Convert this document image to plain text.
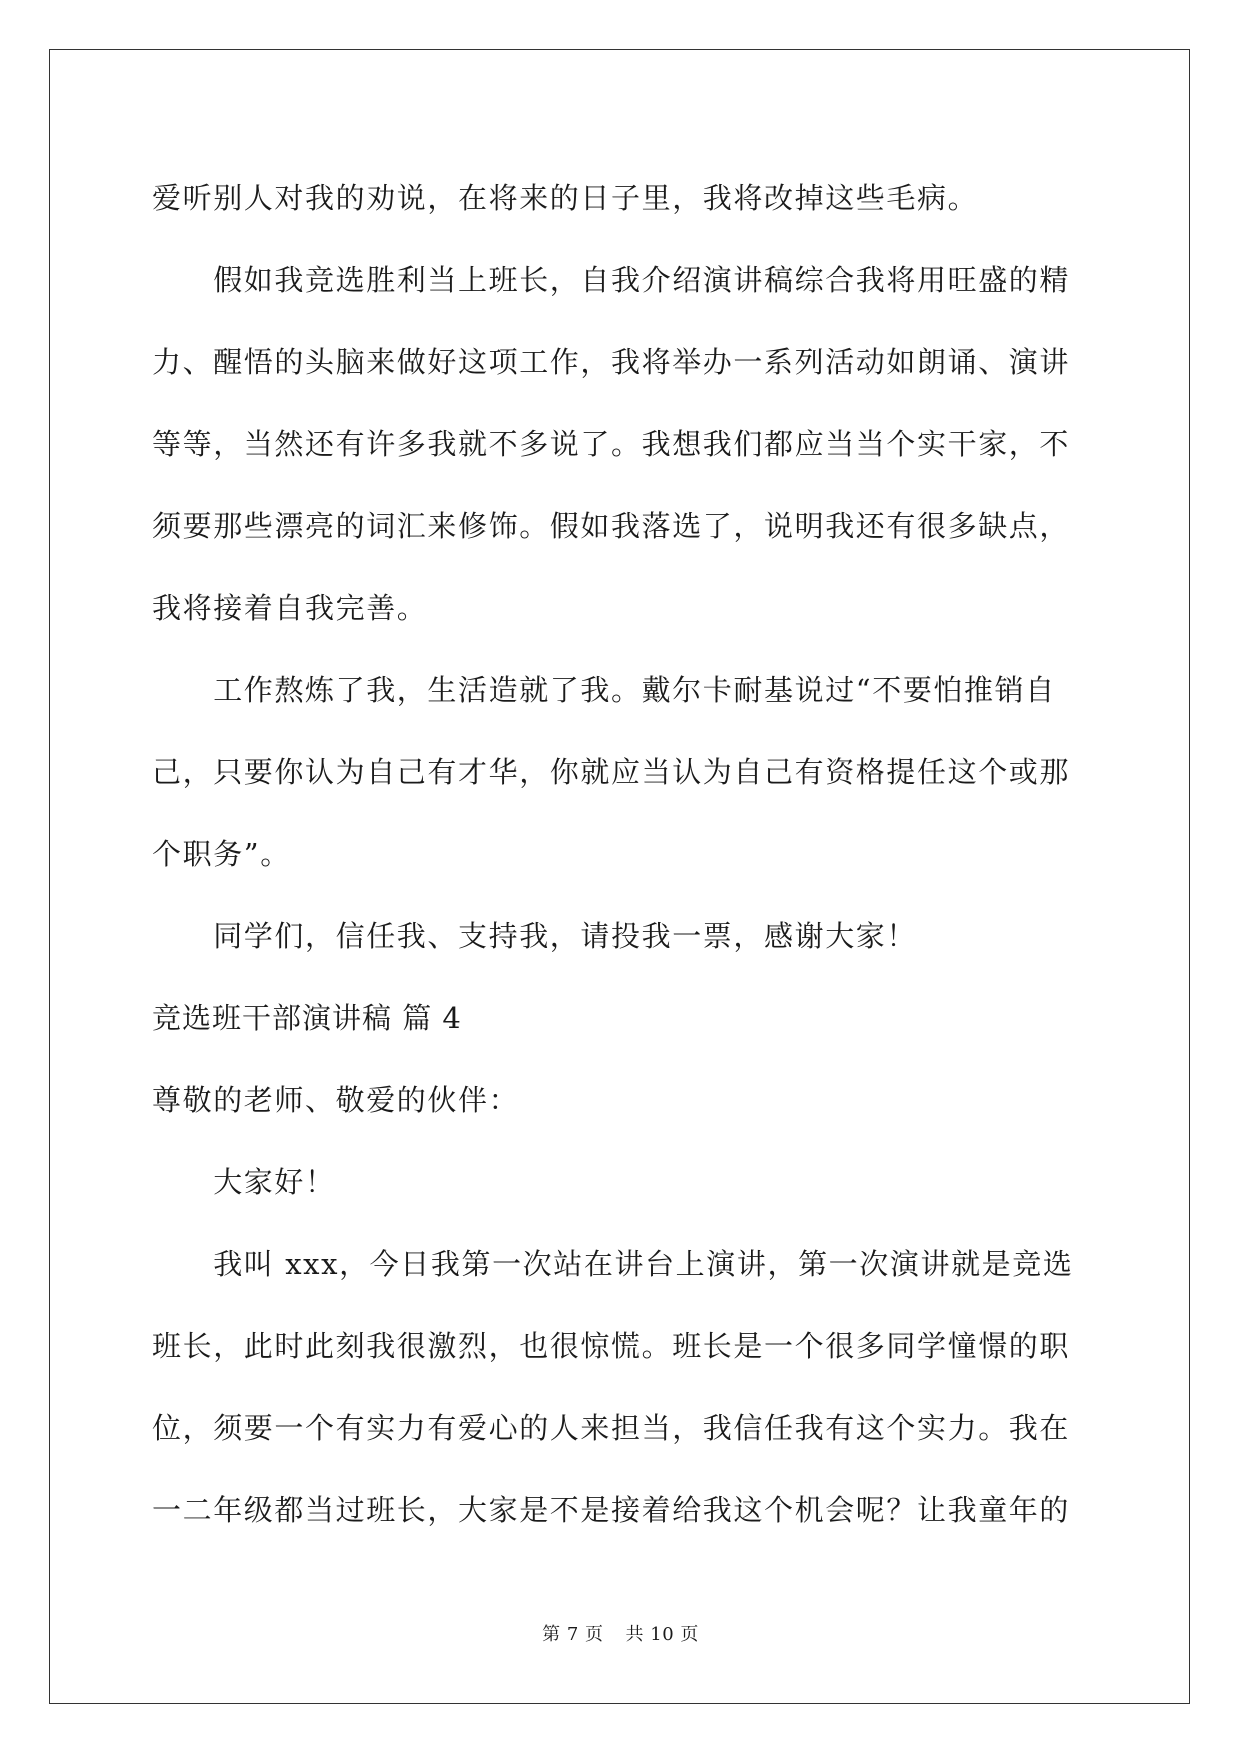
爱听别人对我的劝说，在将来的日子里，我将改掉这些毛病。
　　假如我竞选胜利当上班长，自我介绍演讲稿综合我将用旺盛的精
力、醒悟的头脑来做好这项工作，我将举办一系列活动如朗诵、演讲
等等，当然还有许多我就不多说了。我想我们都应当当个实干家，不
须要那些漂亮的词汇来修饰。假如我落选了，说明我还有很多缺点，
我将接着自我完善。
　　工作熬炼了我，生活造就了我。戴尔卡耐基说过“不要怕推销自
己，只要你认为自己有才华，你就应当认为自己有资格提任这个或那
个职务”。
　　同学们，信任我、支持我，请投我一票，感谢大家！
竞选班干部演讲稿 篇 4
尊敬的老师、敬爱的伙伴：
　　大家好！
　　我叫 xxx，今日我第一次站在讲台上演讲，第一次演讲就是竞选
班长，此时此刻我很激烈，也很惊慌。班长是一个很多同学憧憬的职
位，须要一个有实力有爱心的人来担当，我信任我有这个实力。我在
一二年级都当过班长，大家是不是接着给我这个机会呢？让我童年的
第 7 页 共 10 页
